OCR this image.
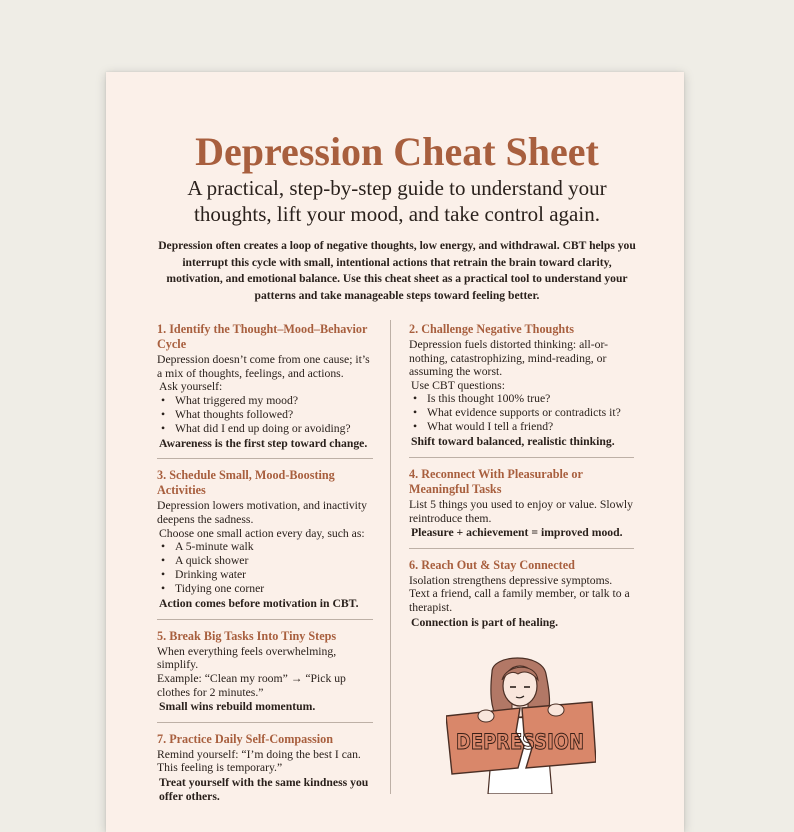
Depression Cheat Sheet

A practical, step-by-step guide to understand your thoughts, lift your mood, and take control again.

Depression often creates a loop of negative thoughts, low energy, and withdrawal. CBT helps you interrupt this cycle with small, intentional actions that retrain the brain toward clarity, motivation, and emotional balance. Use this cheat sheet as a practical tool to understand your patterns and take manageable steps toward feeling better.

1. Identify the Thought–Mood–Behavior Cycle

Depression doesn’t come from one cause; it’s a mix of thoughts, feelings, and actions.

Ask yourself:

• What triggered my mood?
• What thoughts followed?
• What did I end up doing or avoiding?

Awareness is the first step toward change.

3. Schedule Small, Mood-Boosting Activities

Depression lowers motivation, and inactivity deepens the sadness.

Choose one small action every day, such as:

• A 5-minute walk
• A quick shower
• Drinking water
• Tidying one corner

Action comes before motivation in CBT.

5. Break Big Tasks Into Tiny Steps

When everything feels overwhelming, simplify.

Example: “Clean my room” → “Pick up clothes for 2 minutes.”

Small wins rebuild momentum.

7. Practice Daily Self-Compassion

Remind yourself: “I’m doing the best I can. This feeling is temporary.”

Treat yourself with the same kindness you offer others.

2. Challenge Negative Thoughts

Depression fuels distorted thinking: all-or-nothing, catastrophizing, mind-reading, or assuming the worst.

Use CBT questions:

• Is this thought 100% true?
• What evidence supports or contradicts it?
• What would I tell a friend?

Shift toward balanced, realistic thinking.

4. Reconnect With Pleasurable or Meaningful Tasks

List 5 things you used to enjoy or value. Slowly reintroduce them.

Pleasure + achievement = improved mood.

6. Reach Out & Stay Connected

Isolation strengthens depressive symptoms. Text a friend, call a family member, or talk to a therapist.

Connection is part of healing.

DEPRESSION
